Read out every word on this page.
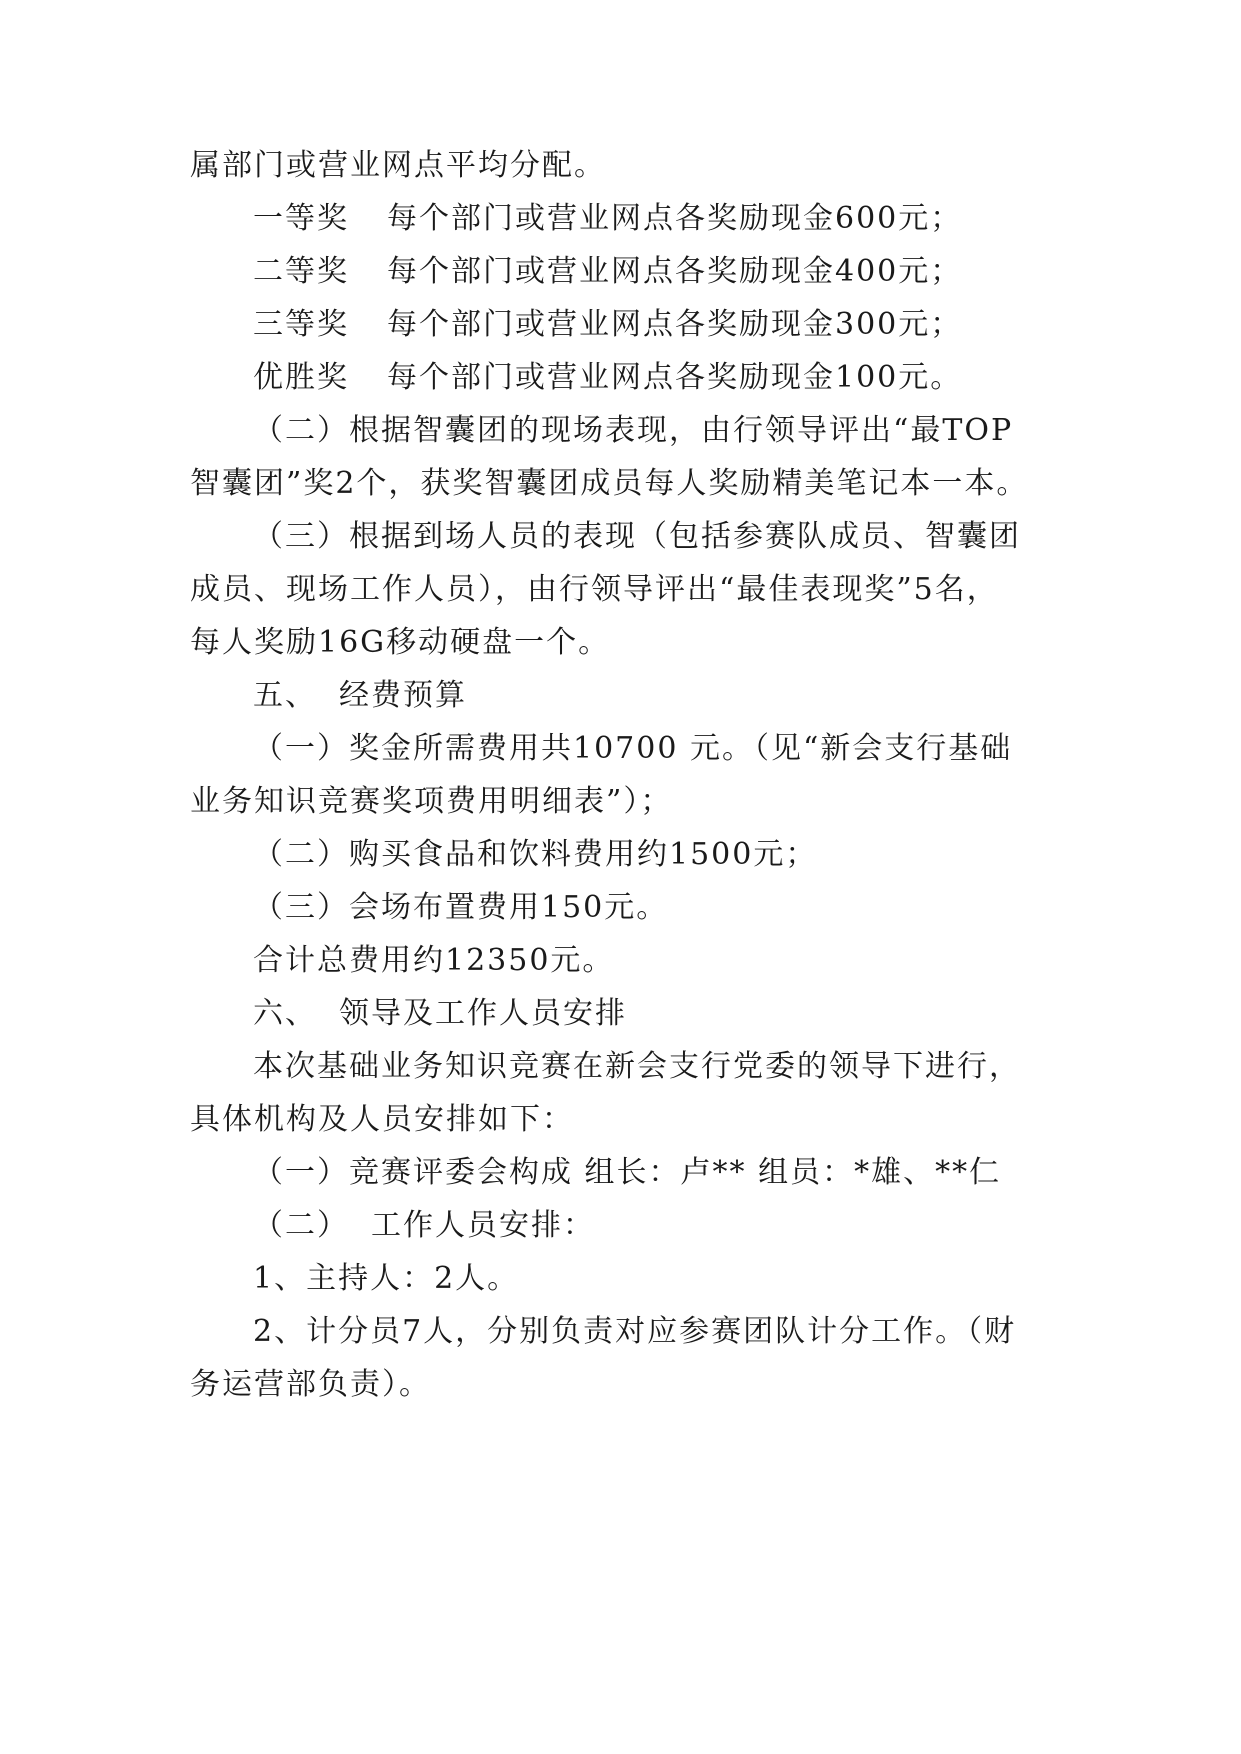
属部门或营业网点平均分配。
一等奖 每个部门或营业网点各奖励现金600元；
二等奖 每个部门或营业网点各奖励现金400元；
三等奖 每个部门或营业网点各奖励现金300元；
优胜奖 每个部门或营业网点各奖励现金100元。
（二）根据智囊团的现场表现，由行领导评出“最TOP
智囊团”奖2个，获奖智囊团成员每人奖励精美笔记本一本。
（三）根据到场人员的表现（包括参赛队成员、智囊团
成员、现场工作人员），由行领导评出“最佳表现奖”5名，
每人奖励16G移动硬盘一个。
五、 经费预算
（一）奖金所需费用共10700 元。（见“新会支行基础
业务知识竞赛奖项费用明细表”）；
（二）购买食品和饮料费用约1500元；
（三）会场布置费用150元。
合计总费用约12350元。
六、 领导及工作人员安排
本次基础业务知识竞赛在新会支行党委的领导下进行，
具体机构及人员安排如下：
（一）竞赛评委会构成 组长：卢** 组员：*雄、**仁
（二） 工作人员安排：
1、主持人：2人。
2、计分员7人，分别负责对应参赛团队计分工作。（财
务运营部负责）。
